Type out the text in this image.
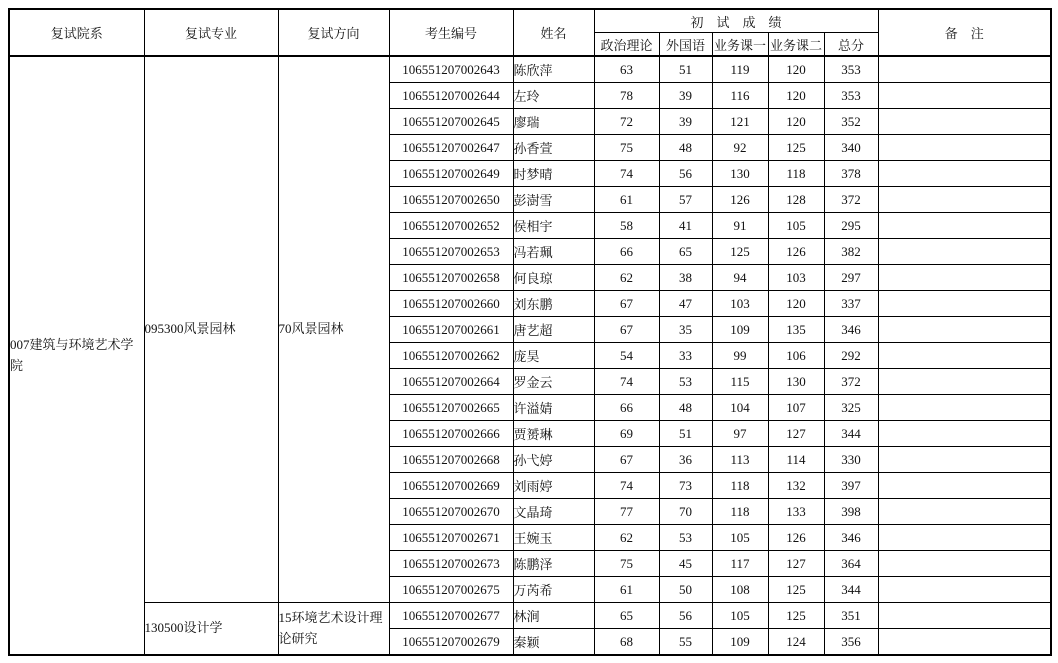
复试院系	复试专业	复试方向	考生编号	姓名	初　试　成　绩					备　注
					政治理论	外国语	业务课一	业务课二	总分	
007建筑与环境艺术学院	095300风景园林	70风景园林	106551207002643	陈欣萍	63	51	119	120	353	
			106551207002644	左玲	78	39	116	120	353	
			106551207002645	廖瑞	72	39	121	120	352	
			106551207002647	孙香萱	75	48	92	125	340	
			106551207002649	时梦晴	74	56	130	118	378	
			106551207002650	彭澍雪	61	57	126	128	372	
			106551207002652	侯相宇	58	41	91	105	295	
			106551207002653	冯若珮	66	65	125	126	382	
			106551207002658	何良琼	62	38	94	103	297	
			106551207002660	刘东鹏	67	47	103	120	337	
			106551207002661	唐艺超	67	35	109	135	346	
			106551207002662	庞昊	54	33	99	106	292	
			106551207002664	罗金云	74	53	115	130	372	
			106551207002665	许溢婧	66	48	104	107	325	
			106551207002666	贾赟琳	69	51	97	127	344	
			106551207002668	孙弋婷	67	36	113	114	330	
			106551207002669	刘雨婷	74	73	118	132	397	
			106551207002670	文晶琦	77	70	118	133	398	
			106551207002671	王婉玉	62	53	105	126	346	
			106551207002673	陈鹏泽	75	45	117	127	364	
			106551207002675	万芮希	61	50	108	125	344	
	130500设计学	15环境艺术设计理论研究	106551207002677	林涧	65	56	105	125	351	
			106551207002679	秦颖	68	55	109	124	356	
